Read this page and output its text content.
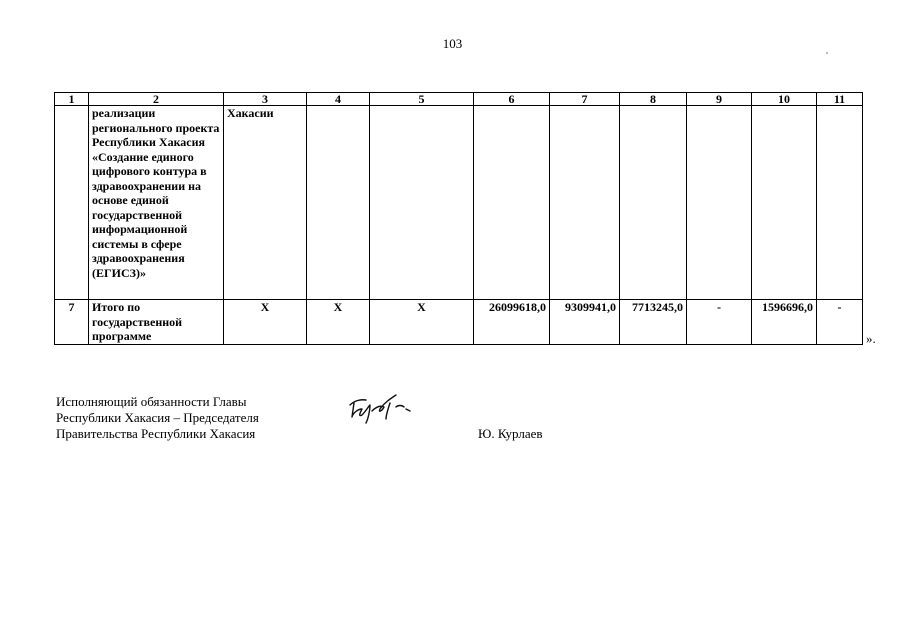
103
1	2	3	4	5	6	7	8	9	10	11
	реализации регионального проекта Республики Хакасия «Создание единого цифрового контура в здравоохранении на основе единой государственной информационной системы в сфере здравоохранения (ЕГИСЗ)»	Хакасии								
7	Итого по государственной программе	Х	Х	Х	26099618,0	9309941,0	7713245,0	-	1596696,0	-
».
Исполняющий обязанности Главы
Республики Хакасия – Председателя
Правительства Республики Хакасия	Ю. Курлаев
